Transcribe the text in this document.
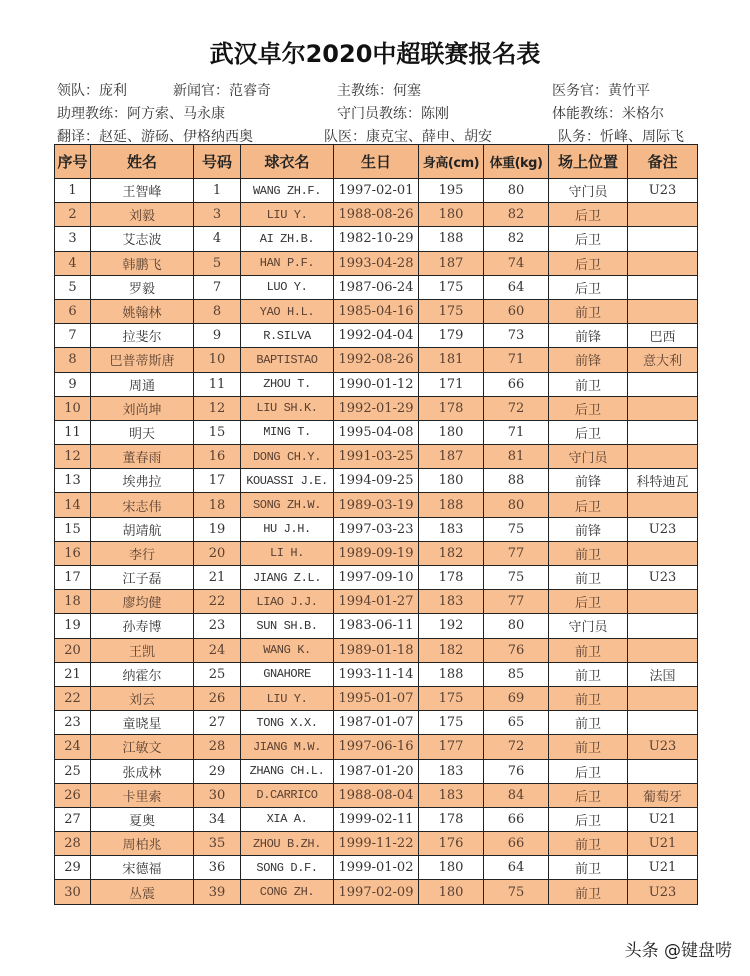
武汉卓尔2020中超联赛报名表
领队：庞利	新闻官：范睿奇	主教练：何塞	医务官：黄竹平
助理教练：阿方索、马永康	守门员教练：陈刚	体能教练：米格尔
翻译：赵延、游砀、伊格纳西奥	队医：康克宝、薛申、胡安	队务：忻峰、周际飞
序号	姓名	号码	球衣名	生日	身高(cm)	体重(kg)	场上位置	备注
1	王智峰	1	WANG ZH.F.	1997-02-01	195	80	守门员	U23
2	刘毅	3	LIU Y.	1988-08-26	180	82	后卫	
3	艾志波	4	AI ZH.B.	1982-10-29	188	82	后卫	
4	韩鹏飞	5	HAN P.F.	1993-04-28	187	74	后卫	
5	罗毅	7	LUO Y.	1987-06-24	175	64	后卫	
6	姚翰林	8	YAO H.L.	1985-04-16	175	60	前卫	
7	拉斐尔	9	R.SILVA	1992-04-04	179	73	前锋	巴西
8	巴普蒂斯唐	10	BAPTISTAO	1992-08-26	181	71	前锋	意大利
9	周通	11	ZHOU T.	1990-01-12	171	66	前卫	
10	刘尚坤	12	LIU SH.K.	1992-01-29	178	72	后卫	
11	明天	15	MING T.	1995-04-08	180	71	后卫	
12	董春雨	16	DONG CH.Y.	1991-03-25	187	81	守门员	
13	埃弗拉	17	KOUASSI J.E.	1994-09-25	180	88	前锋	科特迪瓦
14	宋志伟	18	SONG ZH.W.	1989-03-19	188	80	后卫	
15	胡靖航	19	HU J.H.	1997-03-23	183	75	前锋	U23
16	李行	20	LI H.	1989-09-19	182	77	前卫	
17	江子磊	21	JIANG Z.L.	1997-09-10	178	75	前卫	U23
18	廖均健	22	LIAO J.J.	1994-01-27	183	77	后卫	
19	孙寿博	23	SUN SH.B.	1983-06-11	192	80	守门员	
20	王凯	24	WANG K.	1989-01-18	182	76	前卫	
21	纳霍尔	25	GNAHORE	1993-11-14	188	85	前卫	法国
22	刘云	26	LIU Y.	1995-01-07	175	69	前卫	
23	童晓星	27	TONG X.X.	1987-01-07	175	65	前卫	
24	江敏文	28	JIANG M.W.	1997-06-16	177	72	前卫	U23
25	张成林	29	ZHANG CH.L.	1987-01-20	183	76	后卫	
26	卡里索	30	D.CARRICO	1988-08-04	183	84	后卫	葡萄牙
27	夏奥	34	XIA A.	1999-02-11	178	66	后卫	U21
28	周柏兆	35	ZHOU B.ZH.	1999-11-22	176	66	前卫	U21
29	宋德福	36	SONG D.F.	1999-01-02	180	64	前卫	U21
30	丛震	39	CONG ZH.	1997-02-09	180	75	前卫	U23
头条 @键盘唠
